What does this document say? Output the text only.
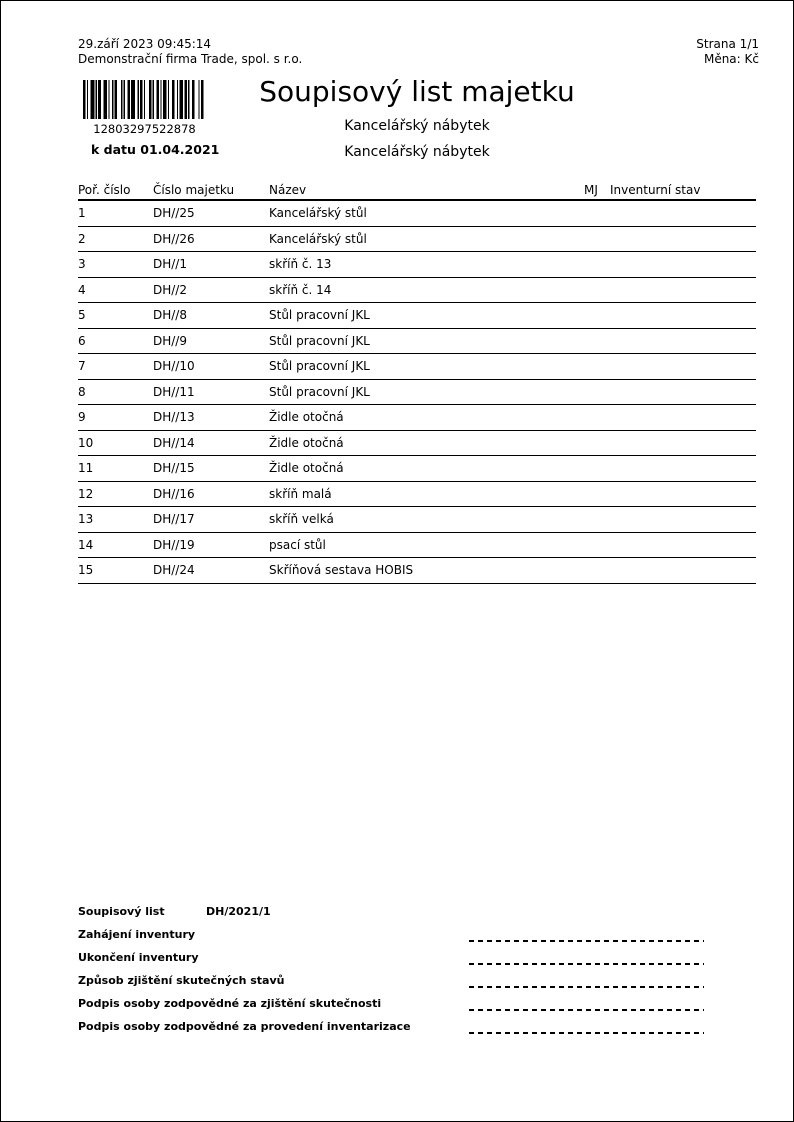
29.září 2023 09:45:14
Demonstrační firma Trade, spol. s r.o.
Strana 1/1
Měna: Kč
Soupisový list majetku
Kancelářský nábytek
Kancelářský nábytek
12803297522878
k datu 01.04.2021
Poř. číslo	Číslo majetku	Název	MJ	Inventurní stav
1	DH//25	Kancelářský stůl
2	DH//26	Kancelářský stůl
3	DH//1	skříň č. 13
4	DH//2	skříň č. 14
5	DH//8	Stůl pracovní JKL
6	DH//9	Stůl pracovní JKL
7	DH//10	Stůl pracovní JKL
8	DH//11	Stůl pracovní JKL
9	DH//13	Židle otočná
10	DH//14	Židle otočná
11	DH//15	Židle otočná
12	DH//16	skříň malá
13	DH//17	skříň velká
14	DH//19	psací stůl
15	DH//24	Skříňová sestava HOBIS
Soupisový list	DH/2021/1
Zahájení inventury
Ukončení inventury
Způsob zjištění skutečných stavů
Podpis osoby zodpovědné za zjištění skutečnosti
Podpis osoby zodpovědné za provedení inventarizace
